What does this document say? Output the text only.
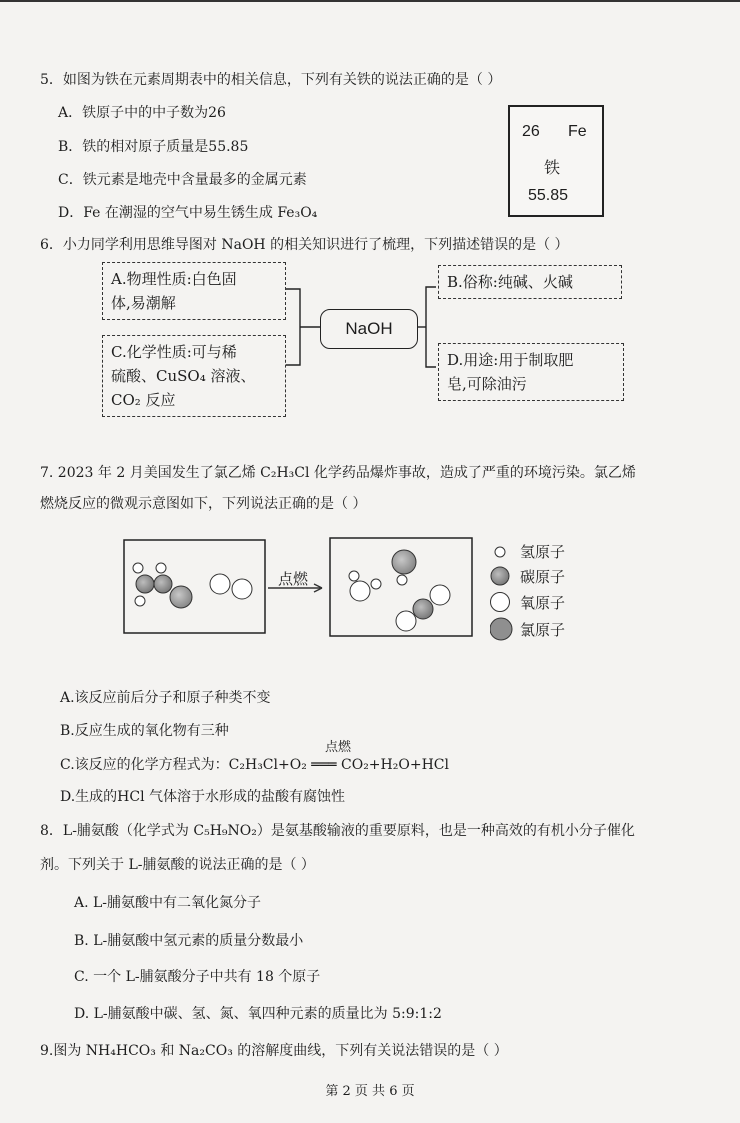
5．如图为铁在元素周期表中的相关信息，下列有关铁的说法正确的是（ ）
A．铁原子中的中子数为26
B．铁的相对原子质量是55.85
C．铁元素是地壳中含量最多的金属元素
D．Fe 在潮湿的空气中易生锈生成 Fe₃O₄
26 Fe
铁
55.85
6．小力同学利用思维导图对 NaOH 的相关知识进行了梳理，下列描述错误的是（ ）
A.物理性质:白色固
体,易潮解
B.俗称:纯碱、火碱
NaOH
C.化学性质:可与稀
硫酸、CuSO₄ 溶液、
CO₂ 反应
D.用途:用于制取肥
皂,可除油污
7. 2023 年 2 月美国发生了氯乙烯 C₂H₃Cl 化学药品爆炸事故，造成了严重的环境污染。氯乙烯
燃烧反应的微观示意图如下，下列说法正确的是（ ）
点燃
氢原子
碳原子
氧原子
氯原子
A.该反应前后分子和原子种类不变
B.反应生成的氧化物有三种
点燃
C.该反应的化学方程式为：C₂H₃Cl+O₂ ═══ CO₂+H₂O+HCl
D.生成的HCl 气体溶于水形成的盐酸有腐蚀性
8．L-脯氨酸（化学式为 C₅H₉NO₂）是氨基酸输液的重要原料，也是一种高效的有机小分子催化
剂。下列关于 L-脯氨酸的说法正确的是（ ）
A. L-脯氨酸中有二氧化氮分子
B. L-脯氨酸中氢元素的质量分数最小
C. 一个 L-脯氨酸分子中共有 18 个原子
D. L-脯氨酸中碳、氢、氮、氧四种元素的质量比为 5:9:1:2
9.图为 NH₄HCO₃ 和 Na₂CO₃ 的溶解度曲线，下列有关说法错误的是（ ）
第 2 页 共 6 页
